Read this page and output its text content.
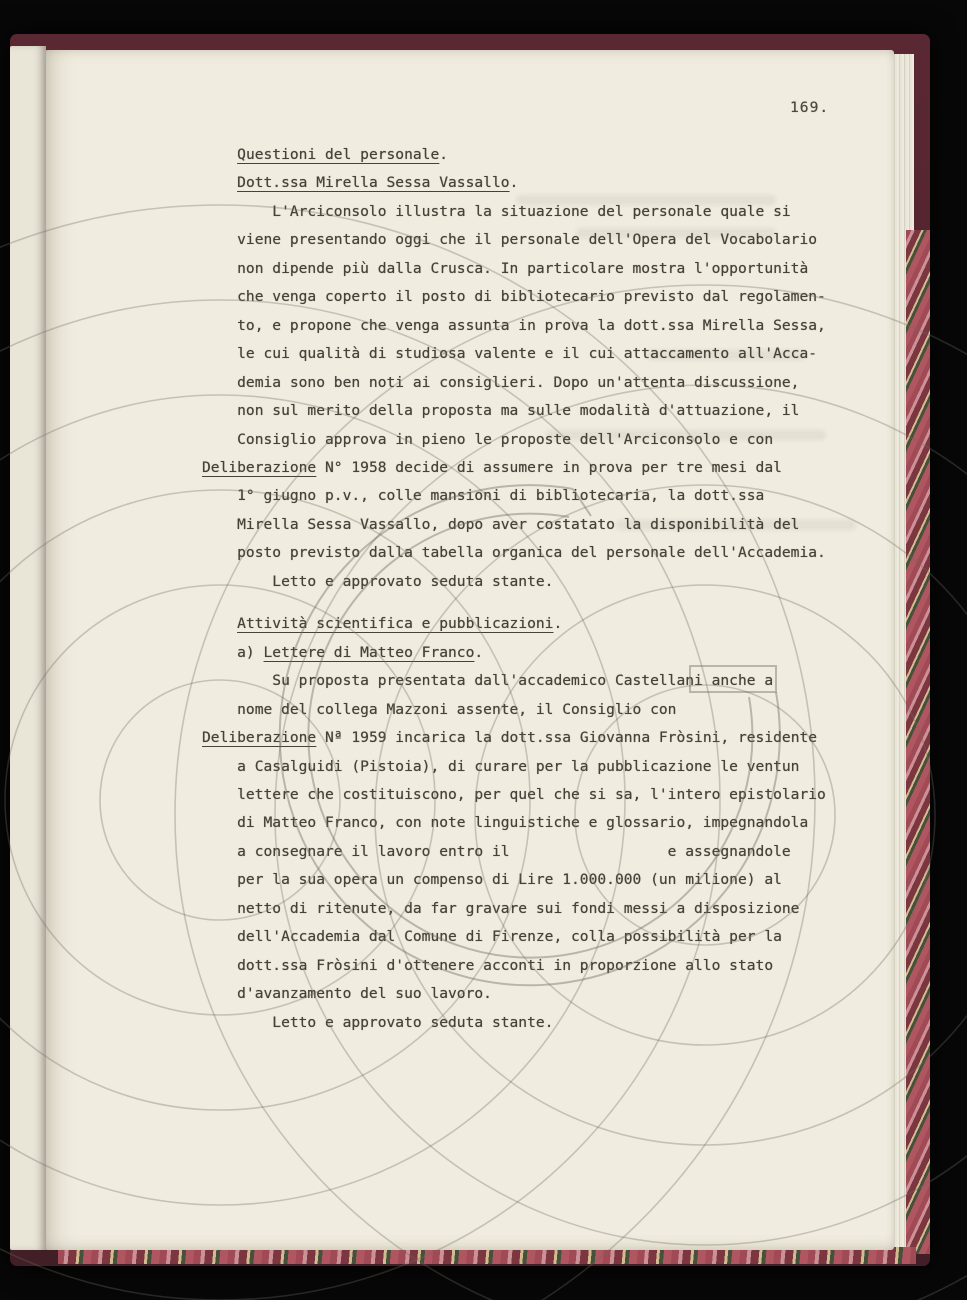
169.
Questioni del personale.
Dott.ssa Mirella Sessa Vassallo.
L'Arciconsolo illustra la situazione del personale quale si
viene presentando oggi che il personale dell'Opera del Vocabolario
non dipende più dalla Crusca. In particolare mostra l'opportunità
che venga coperto il posto di bibliotecario previsto dal regolamen-
to, e propone che venga assunta in prova la dott.ssa Mirella Sessa,
le cui qualità di studiosa valente e il cui attaccamento all'Acca-
demia sono ben noti ai consiglieri. Dopo un'attenta discussione,
non sul merito della proposta ma sulle modalità d'attuazione, il
Consiglio approva in pieno le proposte dell'Arciconsolo e con
Deliberazione N° 1958 decide di assumere in prova per tre mesi dal
1° giugno p.v., colle mansioni di bibliotecaria, la dott.ssa
Mirella Sessa Vassallo, dopo aver costatato la disponibilità del
posto previsto dalla tabella organica del personale dell'Accademia.
Letto e approvato seduta stante.
Attività scientifica e pubblicazioni.
a) Lettere di Matteo Franco.
Su proposta presentata dall'accademico Castellani anche a
nome del collega Mazzoni assente, il Consiglio con
Deliberazione Nª 1959 incarica la dott.ssa Giovanna Fròsini, residente
a Casalguidi (Pistoia), di curare per la pubblicazione le ventun
lettere che costituiscono, per quel che si sa, l'intero epistolario
di Matteo Franco, con note linguistiche e glossario, impegnandola
a consegnare il lavoro entro il                  e assegnandole
per la sua opera un compenso di Lire 1.000.000 (un milione) al
netto di ritenute, da far gravare sui fondi messi a disposizione
dell'Accademia dal Comune di Firenze, colla possibilità per la
dott.ssa Fròsini d'ottenere acconti in proporzione allo stato
d'avanzamento del suo lavoro.
Letto e approvato seduta stante.
